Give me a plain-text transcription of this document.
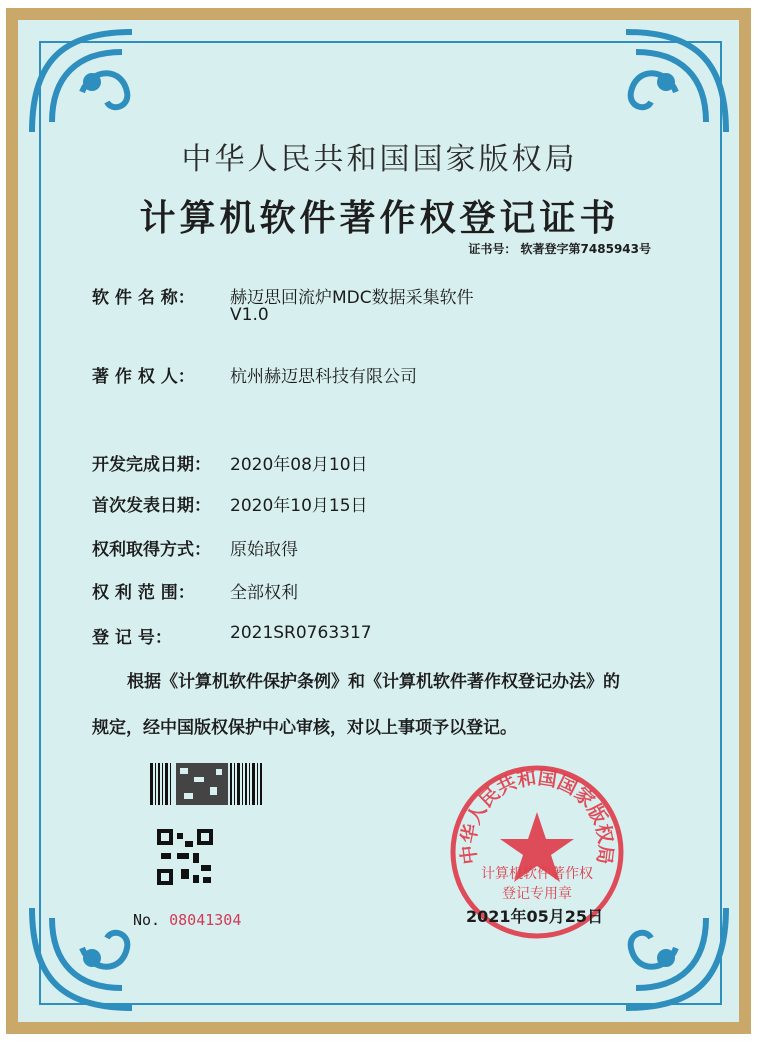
中华人民共和国国家版权局
计算机软件著作权登记证书
证书号： 软著登字第7485943号
软 件 名 称： 赫迈思回流炉MDC数据采集软件
V1.0
著 作 权 人： 杭州赫迈思科技有限公司
开发完成日期： 2020年08月10日
首次发表日期： 2020年10月15日
权利取得方式： 原始取得
权 利 范 围： 全部权利
登 记 号：	2021SR0763317
根据《计算机软件保护条例》和《计算机软件著作权登记办法》的
规定，经中国版权保护中心审核，对以上事项予以登记。
No. 08041304
中华人民共和国国家版权局
计算机软件著作权
登记专用章
2021年05月25日
